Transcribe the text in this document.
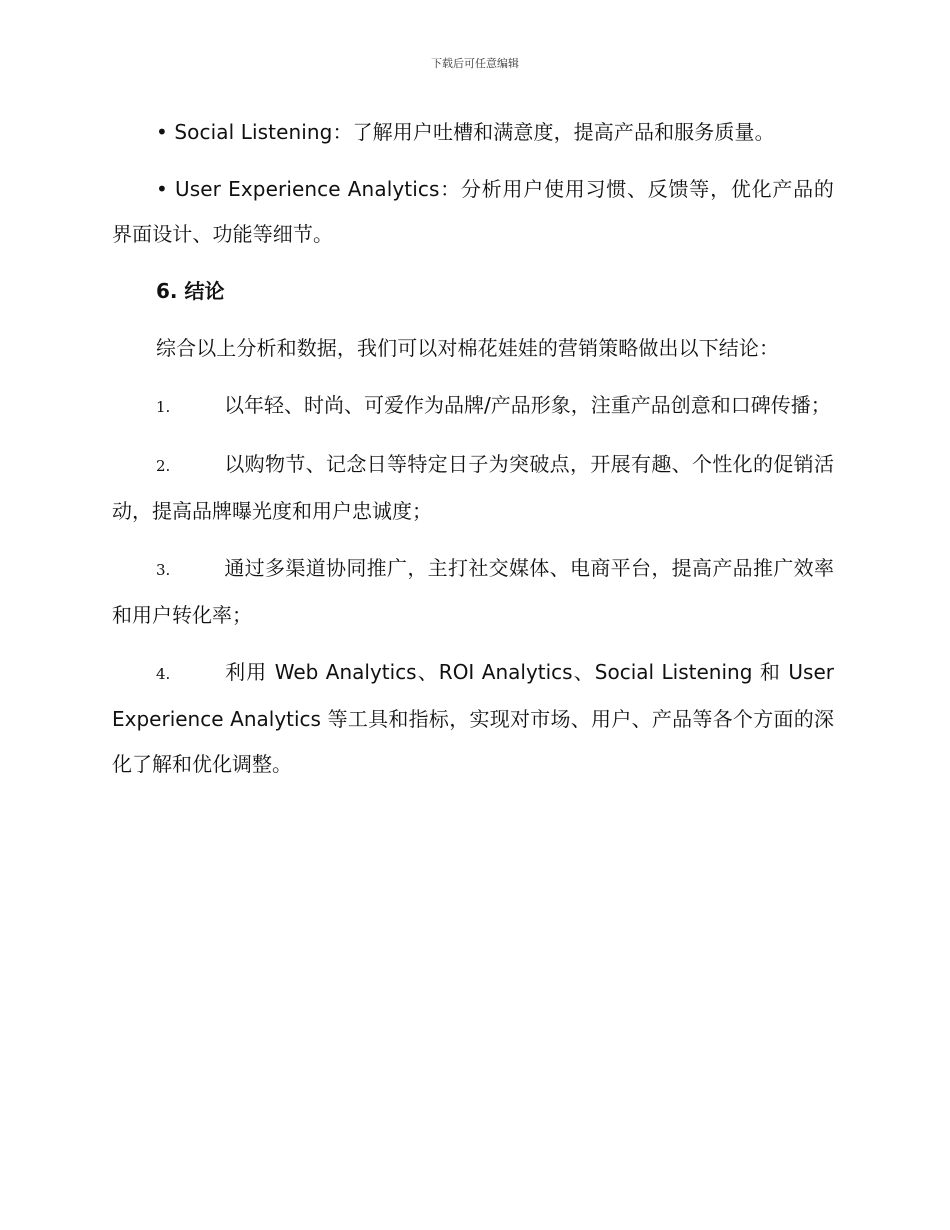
下载后可任意编辑

• Social Listening：了解用户吐槽和满意度，提高产品和服务质量。

• User Experience Analytics：分析用户使用习惯、反馈等，优化产品的界面设计、功能等细节。

6. 结论

综合以上分析和数据，我们可以对棉花娃娃的营销策略做出以下结论：

1.	以年轻、时尚、可爱作为品牌/产品形象，注重产品创意和口碑传播；
2.	以购物节、记念日等特定日子为突破点，开展有趣、个性化的促销活动，提高品牌曝光度和用户忠诚度；
3.	通过多渠道协同推广，主打社交媒体、电商平台，提高产品推广效率和用户转化率；
4.	利用 Web Analytics、ROI Analytics、Social Listening 和 User Experience Analytics 等工具和指标，实现对市场、用户、产品等各个方面的深化了解和优化调整。
